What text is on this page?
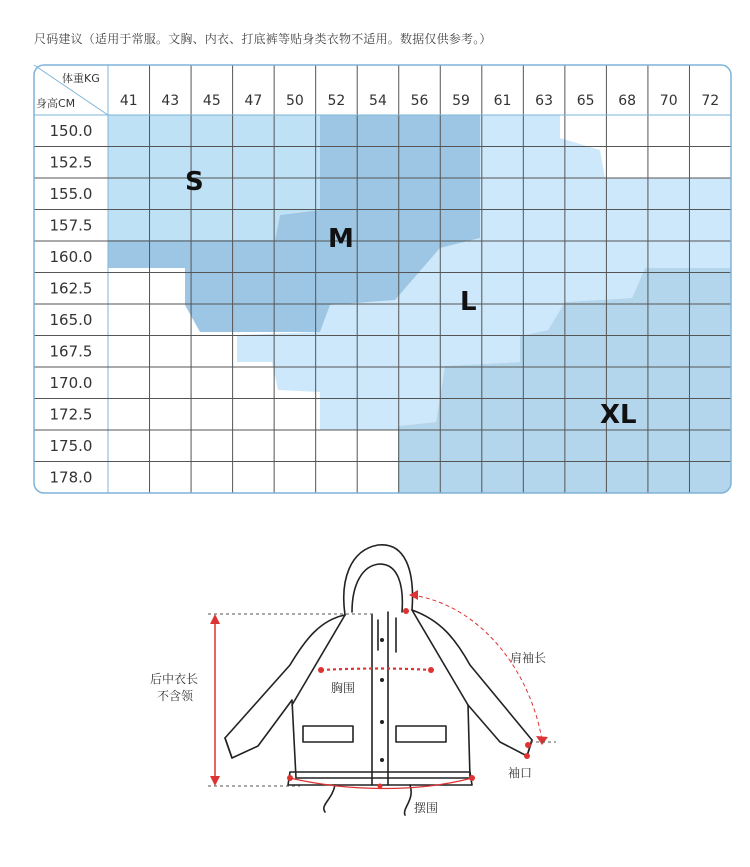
尺码建议（适用于常服。文胸、内衣、打底裤等贴身类衣物不适用。数据仅供参考。）
体重KG
身高CM	41 43 45 47 50 52 54 56 59 61 63 65 68 70 72
150.0
152.5
155.0
157.5
160.0
162.5
165.0
167.5
170.0
172.5
175.0
178.0
S
M
L
XL
后中衣长
不含领
胸围
肩袖长
袖口
摆围
